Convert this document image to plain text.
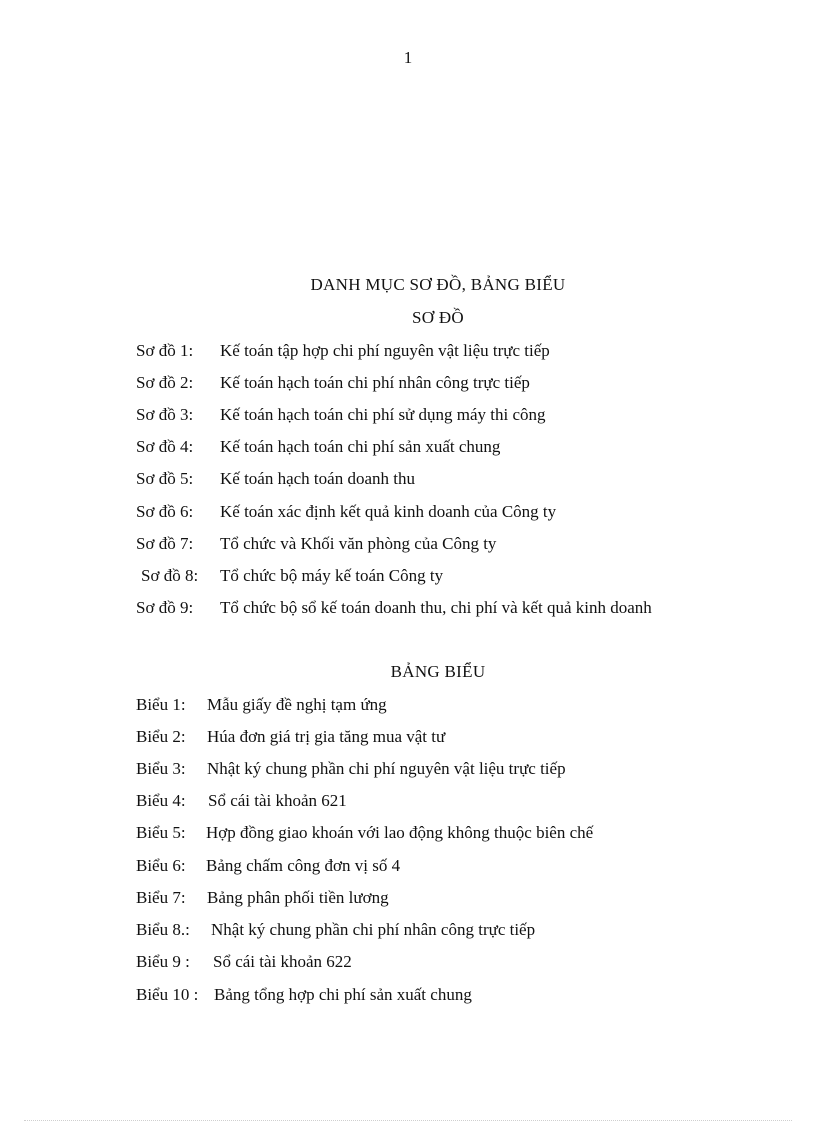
1
DANH MỤC SƠ ĐỒ, BẢNG BIỂU
SƠ ĐỒ
Sơ đồ 1: Kế toán tập hợp chi phí nguyên vật liệu trực tiếp
Sơ đồ 2: Kế toán hạch toán chi phí nhân công trực tiếp
Sơ đồ 3: Kế toán hạch toán chi phí sử dụng máy thi công
Sơ đồ 4: Kế toán hạch toán chi phí sản xuất chung
Sơ đồ 5: Kế toán hạch toán doanh thu
Sơ đồ 6: Kế toán xác định kết quả kinh doanh của Công ty
Sơ đồ 7: Tổ chức và Khối văn phòng của Công ty
Sơ đồ 8: Tổ chức bộ máy kế toán Công ty
Sơ đồ 9: Tổ chức bộ sổ kế toán doanh thu, chi phí và kết quả kinh doanh
BẢNG BIỂU
Biểu 1: Mẫu giấy đề nghị tạm ứng
Biểu 2: Húa đơn giá trị gia tăng mua vật tư
Biểu 3: Nhật ký chung phần chi phí nguyên vật liệu trực tiếp
Biểu 4: Sổ cái tài khoản 621
Biểu 5: Hợp đồng giao khoán với lao động không thuộc biên chế
Biểu 6: Bảng chấm công đơn vị số 4
Biểu 7: Bảng phân phối tiền lương
Biểu 8.: Nhật ký chung phần chi phí nhân công trực tiếp
Biểu 9 : Sổ cái tài khoản 622
Biểu 10 : Bảng tổng hợp chi phí sản xuất chung
